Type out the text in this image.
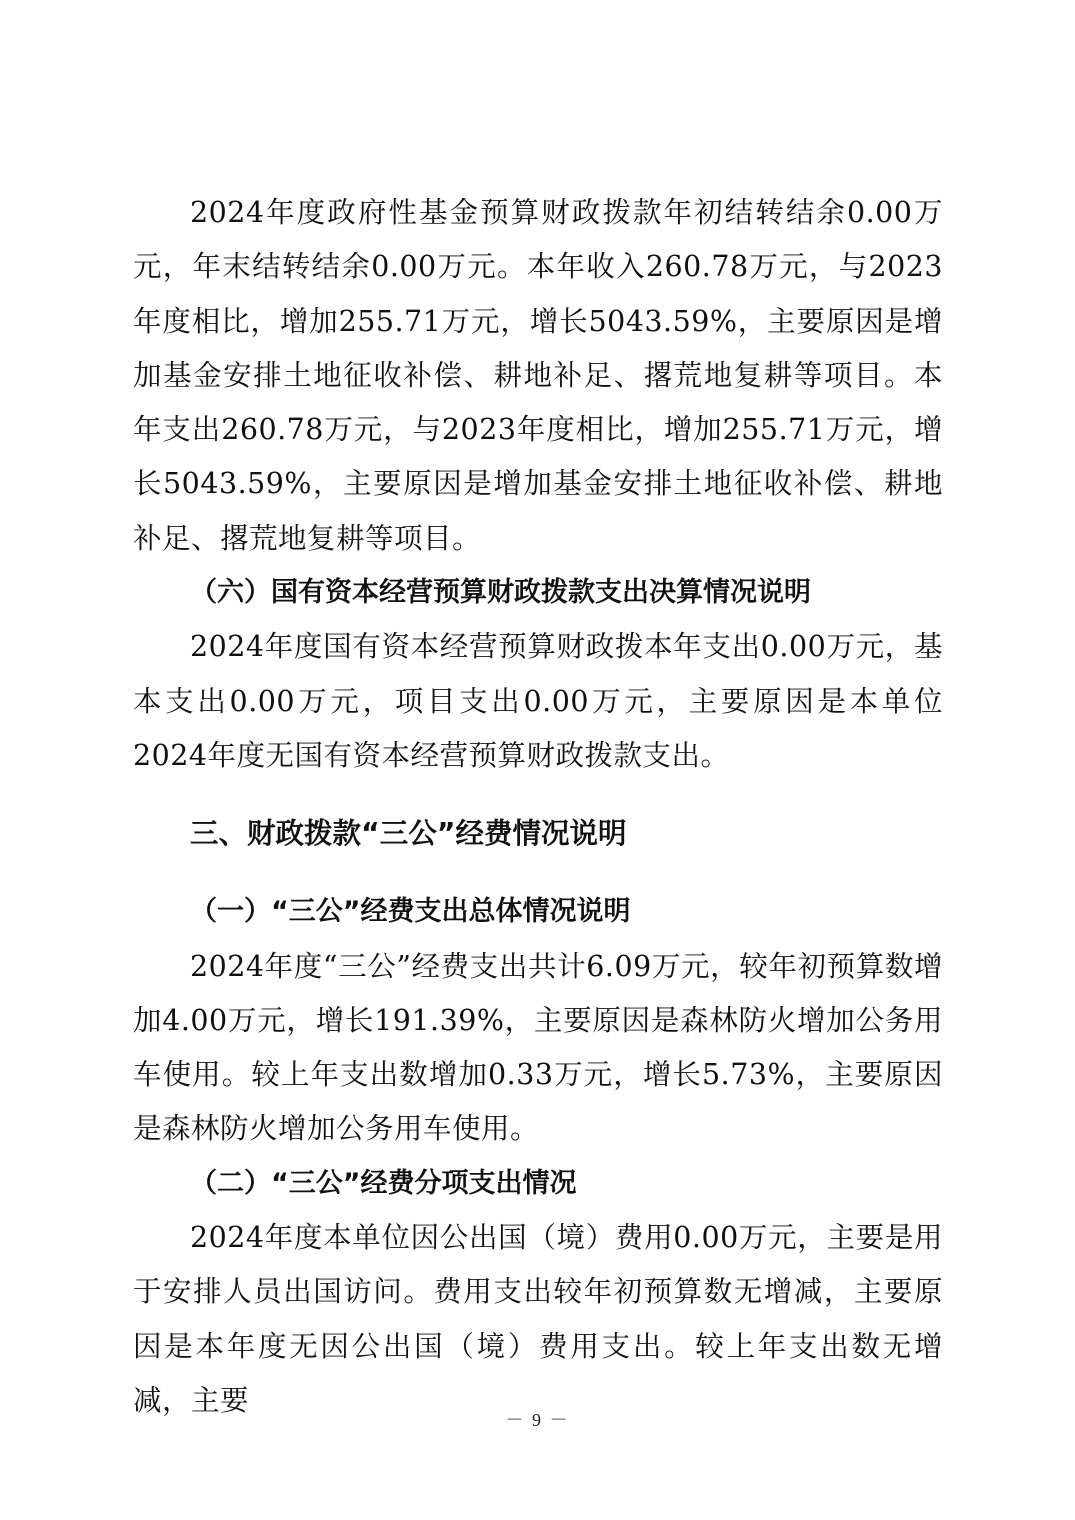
2024年度政府性基金预算财政拨款年初结转结余0.00万元，年末结转结余0.00万元。本年收入260.78万元，与2023年度相比，增加255.71万元，增长5043.59%，主要原因是增加基金安排土地征收补偿、耕地补足、撂荒地复耕等项目。本年支出260.78万元，与2023年度相比，增加255.71万元，增长5043.59%，主要原因是增加基金安排土地征收补偿、耕地补足、撂荒地复耕等项目。

（六）国有资本经营预算财政拨款支出决算情况说明

2024年度国有资本经营预算财政拨本年支出0.00万元，基本支出0.00万元，项目支出0.00万元，主要原因是本单位2024年度无国有资本经营预算财政拨款支出。

三、财政拨款“三公”经费情况说明

（一）“三公”经费支出总体情况说明

2024年度“三公”经费支出共计6.09万元，较年初预算数增加4.00万元，增长191.39%，主要原因是森林防火增加公务用车使用。较上年支出数增加0.33万元，增长5.73%，主要原因是森林防火增加公务用车使用。

（二）“三公”经费分项支出情况

2024年度本单位因公出国（境）费用0.00万元，主要是用于安排人员出国访问。费用支出较年初预算数无增减，主要原因是本年度无因公出国（境）费用支出。较上年支出数无增减，主要

－ 9 －
